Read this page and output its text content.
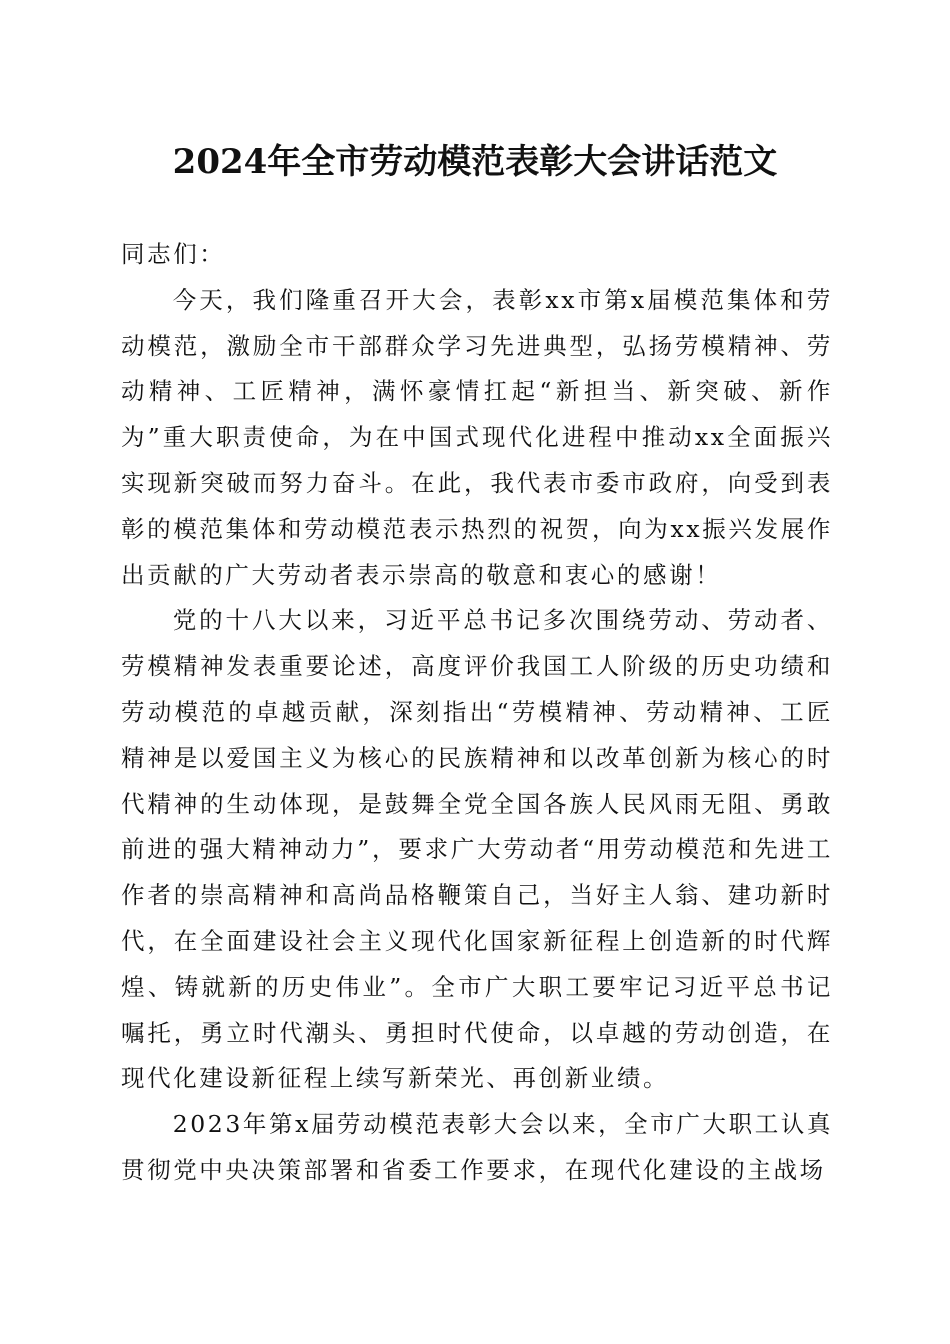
2024年全市劳动模范表彰大会讲话范文

同志们：

今天，我们隆重召开大会，表彰xx市第x届模范集体和劳动模范，激励全市干部群众学习先进典型，弘扬劳模精神、劳动精神、工匠精神，满怀豪情扛起“新担当、新突破、新作为”重大职责使命，为在中国式现代化进程中推动xx全面振兴实现新突破而努力奋斗。在此，我代表市委市政府，向受到表彰的模范集体和劳动模范表示热烈的祝贺，向为xx振兴发展作出贡献的广大劳动者表示崇高的敬意和衷心的感谢！

党的十八大以来，习近平总书记多次围绕劳动、劳动者、劳模精神发表重要论述，高度评价我国工人阶级的历史功绩和劳动模范的卓越贡献，深刻指出“劳模精神、劳动精神、工匠精神是以爱国主义为核心的民族精神和以改革创新为核心的时代精神的生动体现，是鼓舞全党全国各族人民风雨无阻、勇敢前进的强大精神动力”，要求广大劳动者“用劳动模范和先进工作者的崇高精神和高尚品格鞭策自己，当好主人翁、建功新时代，在全面建设社会主义现代化国家新征程上创造新的时代辉煌、铸就新的历史伟业”。全市广大职工要牢记习近平总书记嘱托，勇立时代潮头、勇担时代使命，以卓越的劳动创造，在现代化建设新征程上续写新荣光、再创新业绩。

2023年第x届劳动模范表彰大会以来，全市广大职工认真贯彻党中央决策部署和省委工作要求，在现代化建设的主战场
